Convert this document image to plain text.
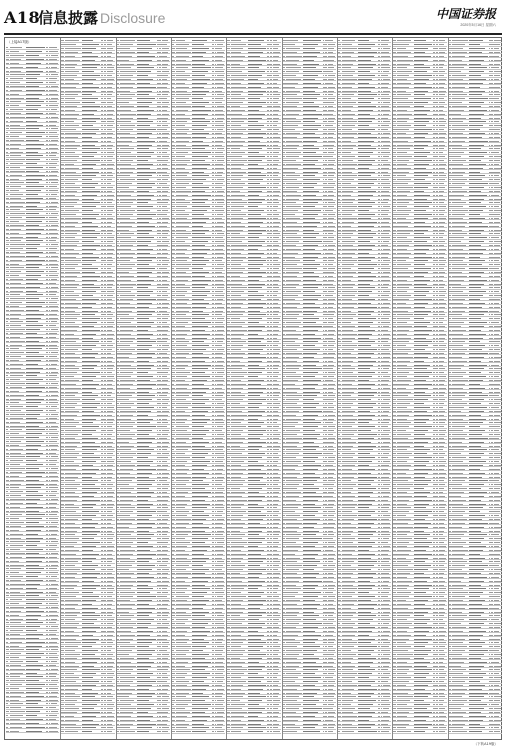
A18
信息披露 Disclosure	中国证券报
2020年5月16日 星期六
（上接A17版）
（下转A19版）
